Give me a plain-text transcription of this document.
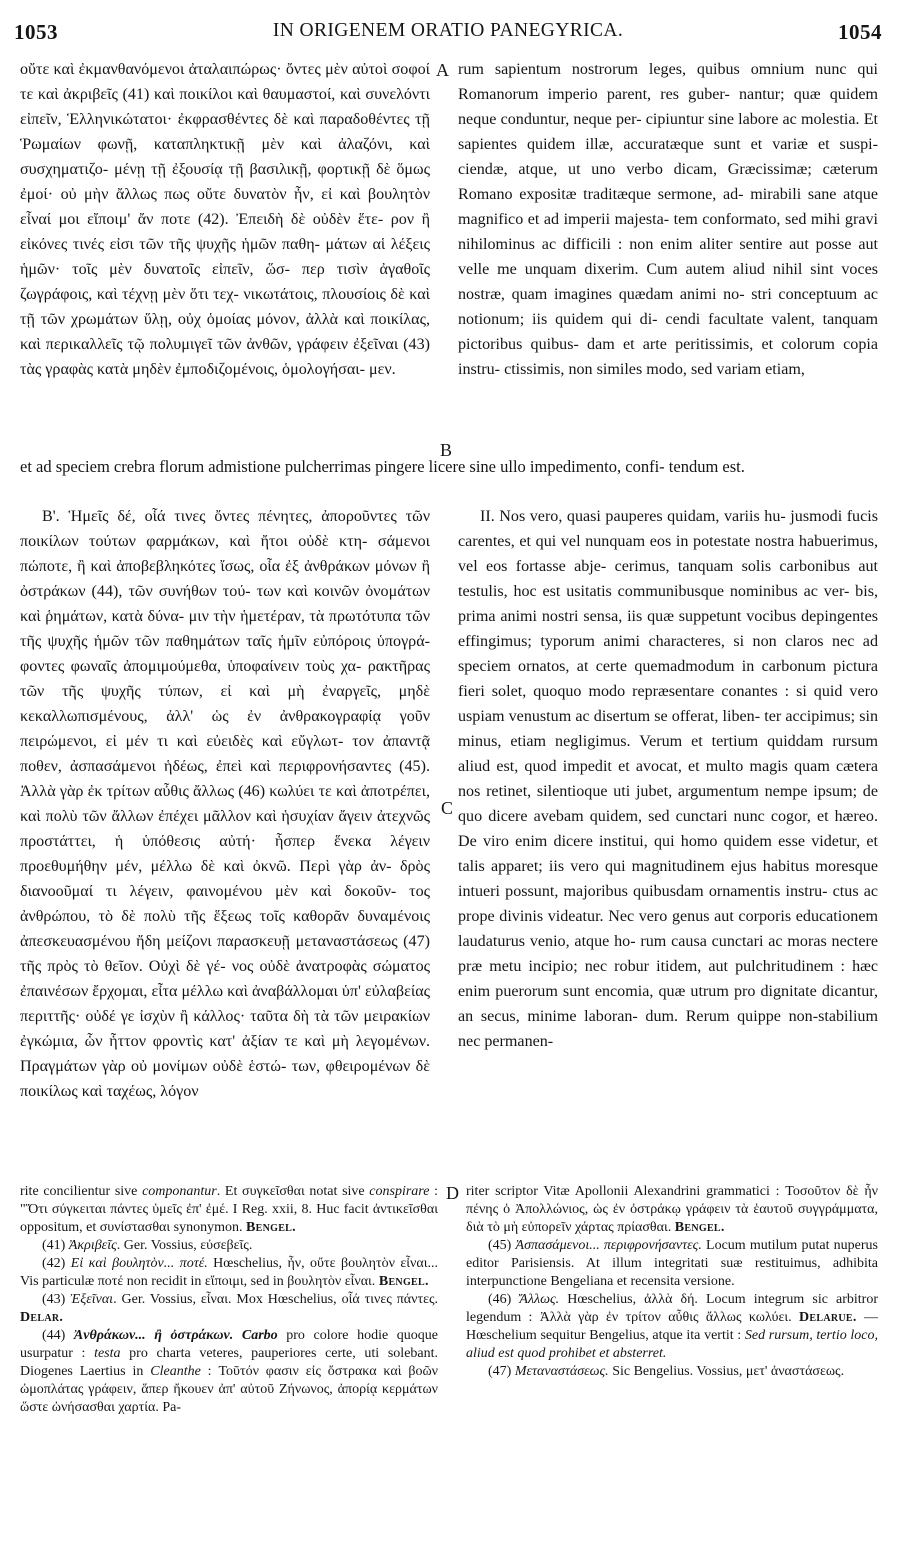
1053	IN ORIGENEM ORATIO PANEGYRICA.	1054

οὔτε καὶ ἐκμανθανόμενοι ἀταλαιπώρως· ὄντες μὲν αὐτοὶ σοφοί τε καὶ ἀκριβεῖς (41) καὶ ποικίλοι καὶ θαυμαστοί, καὶ συνελόντι εἰπεῖν, Ἑλληνικώτατοι· ἐκφρασθέντες δὲ καὶ παραδοθέντες τῇ Ῥωμαίων φωνῇ, καταπληκτικῇ μὲν καὶ ἀλαζόνι, καὶ συσχηματιζο- μένῃ τῇ ἐξουσίᾳ τῇ βασιλικῇ, φορτικῇ δὲ ὅμως ἐμοί· οὐ μὴν ἄλλως πως οὔτε δυνατὸν ἦν, εἰ καὶ βουλητὸν εἶναί μοι εἴποιμ' ἄν ποτε (42). Ἐπειδὴ δὲ οὐδὲν ἕτε- ρον ἢ εἰκόνες τινές εἰσι τῶν τῆς ψυχῆς ἡμῶν παθη- μάτων αἱ λέξεις ἡμῶν· τοῖς μὲν δυνατοῖς εἰπεῖν, ὥσ- περ τισὶν ἀγαθοῖς ζωγράφοις, καὶ τέχνῃ μὲν ὅτι τεχ- νικωτάτοις, πλουσίοις δὲ καὶ τῇ τῶν χρωμάτων ὕλῃ, οὐχ ὁμοίας μόνον, ἀλλὰ καὶ ποικίλας, καὶ περικαλλεῖς τῷ πολυμιγεῖ τῶν ἀνθῶν, γράφειν ἐξεῖναι (43) τὰς γραφὰς κατὰ μηδὲν ἐμποδιζομένοις, ὁμολογήσαι- μεν.

A
B
C
D

rum sapientum nostrorum leges, quibus omnium nunc qui Romanorum imperio parent, res guber- nantur; quæ quidem neque conduntur, neque per- cipiuntur sine labore ac molestia. Et sapientes quidem illæ, accuratæque sunt et variæ et suspi- ciendæ, atque, ut uno verbo dicam, Græcissimæ; cæterum Romano expositæ traditæque sermone, ad- mirabili sane atque magnifico et ad imperii majesta- tem conformato, sed mihi gravi nihilominus ac difficili : non enim aliter sentire aut posse aut velle me unquam dixerim. Cum autem aliud nihil sint voces nostræ, quam imagines quædam animi no- stri conceptuum ac notionum; iis quidem qui di- cendi facultate valent, tanquam pictoribus quibus- dam et arte peritissimis, et colorum copia instru- ctissimis, non similes modo, sed variam etiam,

et ad speciem crebra florum admistione pulcherrimas pingere licere sine ullo impedimento, confi- tendum est.

Β'. Ἡμεῖς δέ, οἷά τινες ὄντες πένητες, ἀποροῦντες τῶν ποικίλων τούτων φαρμάκων, καὶ ἤτοι οὐδὲ κτη- σάμενοι πώποτε, ἢ καὶ ἀποβεβληκότες ἴσως, οἷα ἐξ ἀνθράκων μόνων ἢ ὀστράκων (44), τῶν συνήθων τού- των καὶ κοινῶν ὀνομάτων καὶ ῥημάτων, κατὰ δύνα- μιν τὴν ἡμετέραν, τὰ πρωτότυπα τῶν τῆς ψυχῆς ἡμῶν τῶν παθημάτων ταῖς ἡμῖν εὐπόροις ὑπογρά- φοντες φωναῖς ἀπομιμούμεθα, ὑποφαίνειν τοὺς χα- ρακτῆρας τῶν τῆς ψυχῆς τύπων, εἰ καὶ μὴ ἐναργεῖς, μηδὲ κεκαλλωπισμένους, ἀλλ' ὡς ἐν ἀνθρακογραφίᾳ γοῦν πειρώμενοι, εἰ μέν τι καὶ εὐειδὲς καὶ εὔγλωτ- τον ἀπαντᾷ ποθεν, ἀσπασάμενοι ἡδέως, ἐπεὶ καὶ περιφρονήσαντες (45). Ἀλλὰ γὰρ ἐκ τρίτων αὖθις ἄλλως (46) κωλύει τε καὶ ἀποτρέπει, καὶ πολὺ τῶν ἄλλων ἐπέχει μᾶλλον καὶ ἡσυχίαν ἄγειν ἀτεχνῶς προστάττει, ἡ ὑπόθεσις αὐτή· ἧσπερ ἕνεκα λέγειν προεθυμήθην μέν, μέλλω δὲ καὶ ὀκνῶ. Περὶ γὰρ ἀν- δρὸς διανοοῦμαί τι λέγειν, φαινομένου μὲν καὶ δοκοῦν- τος ἀνθρώπου, τὸ δὲ πολὺ τῆς ἕξεως τοῖς καθορᾶν δυναμένοις ἀπεσκευασμένου ἤδη μείζονι παρασκευῇ μεταναστάσεως (47) τῆς πρὸς τὸ θεῖον. Οὐχὶ δὲ γέ- νος οὐδὲ ἀνατροφὰς σώματος ἐπαινέσων ἔρχομαι, εἶτα μέλλω καὶ ἀναβάλλομαι ὑπ' εὐλαβείας περιττῆς· οὐδέ γε ἰσχὺν ἢ κάλλος· ταῦτα δὴ τὰ τῶν μειρακίων ἐγκώμια, ὧν ἧττον φροντὶς κατ' ἀξίαν τε καὶ μὴ λεγομένων. Πραγμάτων γὰρ οὐ μονίμων οὐδὲ ἑστώ- των, φθειρομένων δὲ ποικίλως καὶ ταχέως, λόγον

II. Nos vero, quasi pauperes quidam, variis hu- jusmodi fucis carentes, et qui vel nunquam eos in potestate nostra habuerimus, vel eos fortasse abje- cerimus, tanquam solis carbonibus aut testulis, hoc est usitatis communibusque nominibus ac ver- bis, prima animi nostri sensa, iis quæ suppetunt vocibus depingentes effingimus; typorum animi characteres, si non claros nec ad speciem ornatos, at certe quemadmodum in carbonum pictura fieri solet, quoquo modo repræsentare conantes : si quid vero uspiam venustum ac disertum se offerat, liben- ter accipimus; sin minus, etiam negligimus. Verum et tertium quiddam rursum aliud est, quod impedit et avocat, et multo magis quam cætera nos retinet, silentioque uti jubet, argumentum nempe ipsum; de quo dicere avebam quidem, sed cunctari nunc cogor, et hæreo. De viro enim dicere institui, qui homo quidem esse videtur, et talis apparet; iis vero qui magnitudinem ejus habitus moresque intueri possunt, majoribus quibusdam ornamentis instru- ctus ac prope divinis videatur. Nec vero genus aut corporis educationem laudaturus venio, atque ho- rum causa cunctari ac moras nectere præ metu incipio; nec robur itidem, aut pulchritudinem : hæc enim puerorum sunt encomia, quæ utrum pro dignitate dicantur, an secus, minime laboran- dum. Rerum quippe non-stabilium nec permanen-

rite concilientur sive componantur. Et συγκεῖσθαι notat sive conspirare : "Ὅτι σύγκειται πάντες ὑμεῖς ἐπ' ἐμέ. I Reg. xxii, 8. Huc facit ἀντικεῖσθαι oppositum, et συνίστασθαι synonymon. Bengel.

(41) Ἀκριβεῖς. Ger. Vossius, εὐσεβεῖς.

(42) Εἰ καὶ βουλητὸν... ποτέ. Hœschelius, ἦν, οὔτε βουλητὸν εἶναι... Vis particulæ ποτέ non recidit in εἴποιμι, sed in βουλητὸν εἶναι. Bengel.

(43) Ἐξεῖναι. Ger. Vossius, εἶναι. Mox Hœschelius, οἷά τινες πάντες. Delar.

(44) Ἀνθράκων... ἢ ὀστράκων. Carbo pro colore hodie quoque usurpatur : testa pro charta veteres, pauperiores certe, uti solebant. Diogenes Laertius in Cleanthe : Τοῦτόν φασιν εἰς ὄστρακα καὶ βοῶν ὠμοπλάτας γράφειν, ἅπερ ἤκουεν ἀπ' αὐτοῦ Ζήνωνος, ἀπορίᾳ κερμάτων ὥστε ὠνήσασθαι χαρτία. Pa-

riter scriptor Vitæ Apollonii Alexandrini grammatici : Τοσοῦτον δὲ ἦν πένης ὁ Ἀπολλώνιος, ὡς ἐν ὀστράκῳ γράφειν τὰ ἑαυτοῦ συγγράμματα, διὰ τὸ μὴ εὐπορεῖν χάρτας πρίασθαι. Bengel.

(45) Ἀσπασάμενοι... περιφρονήσαντες. Locum mutilum putat nuperus editor Parisiensis. At illum integritati suæ restituimus, adhibita interpunctione Bengeliana et recensita versione.

(46) Ἄλλως. Hœschelius, ἀλλὰ δή. Locum integrum sic arbitror legendum : Ἀλλὰ γὰρ ἐν τρίτον αὖθις ἄλλως κωλύει. Delarue. — Hœschelium sequitur Bengelius, atque ita vertit : Sed rursum, tertio loco, aliud est quod prohibet et absterret.

(47) Μεταναστάσεως. Sic Bengelius. Vossius, μετ' ἀναστάσεως.
